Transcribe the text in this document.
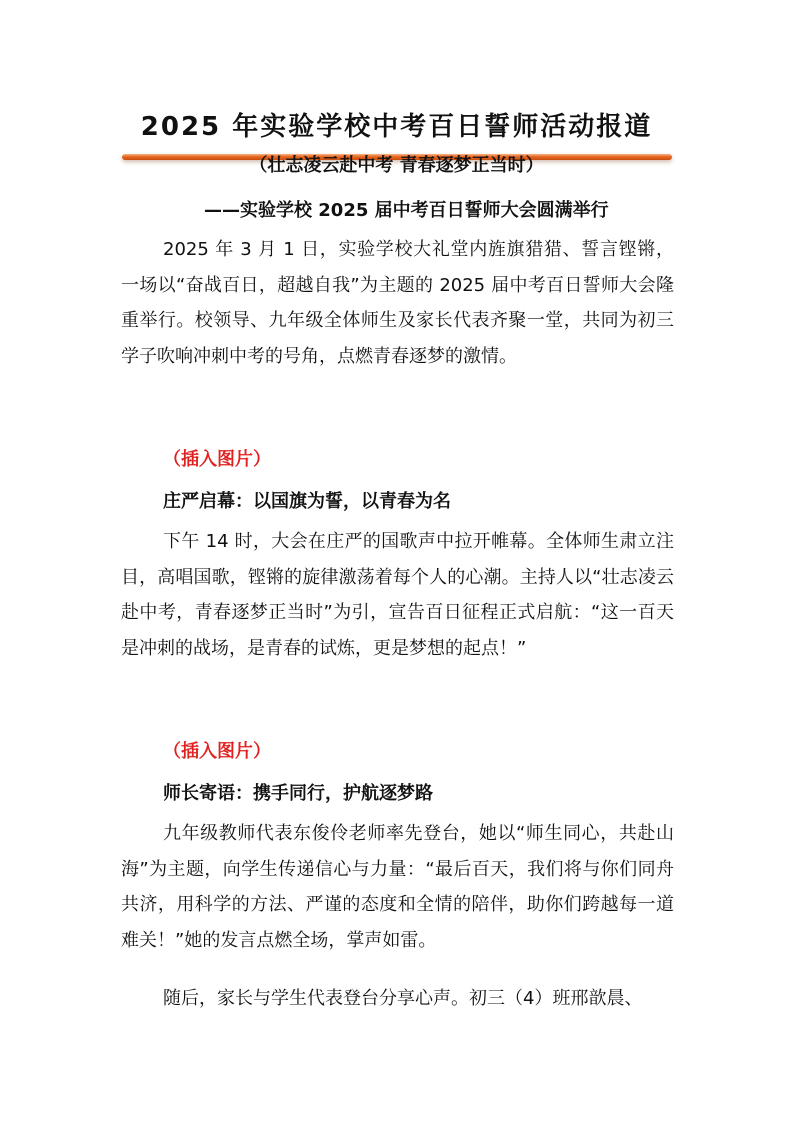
2025 年实验学校中考百日誓师活动报道

（壮志凌云赴中考 青春逐梦正当时）

——实验学校 2025 届中考百日誓师大会圆满举行

2025 年 3 月 1 日，实验学校大礼堂内旌旗猎猎、誓言铿锵，一场以“奋战百日，超越自我”为主题的 2025 届中考百日誓师大会隆重举行。校领导、九年级全体师生及家长代表齐聚一堂，共同为初三学子吹响冲刺中考的号角，点燃青春逐梦的激情。

（插入图片）

庄严启幕：以国旗为誓，以青春为名

下午 14 时，大会在庄严的国歌声中拉开帷幕。全体师生肃立注目，高唱国歌，铿锵的旋律激荡着每个人的心潮。主持人以“壮志凌云赴中考，青春逐梦正当时”为引，宣告百日征程正式启航：“这一百天是冲刺的战场，是青春的试炼，更是梦想的起点！”

（插入图片）

师长寄语：携手同行，护航逐梦路

九年级教师代表东俊伶老师率先登台，她以“师生同心，共赴山海”为主题，向学生传递信心与力量：“最后百天，我们将与你们同舟共济，用科学的方法、严谨的态度和全情的陪伴，助你们跨越每一道难关！”她的发言点燃全场，掌声如雷。

随后，家长与学生代表登台分享心声。初三（4）班邢歆晨、
